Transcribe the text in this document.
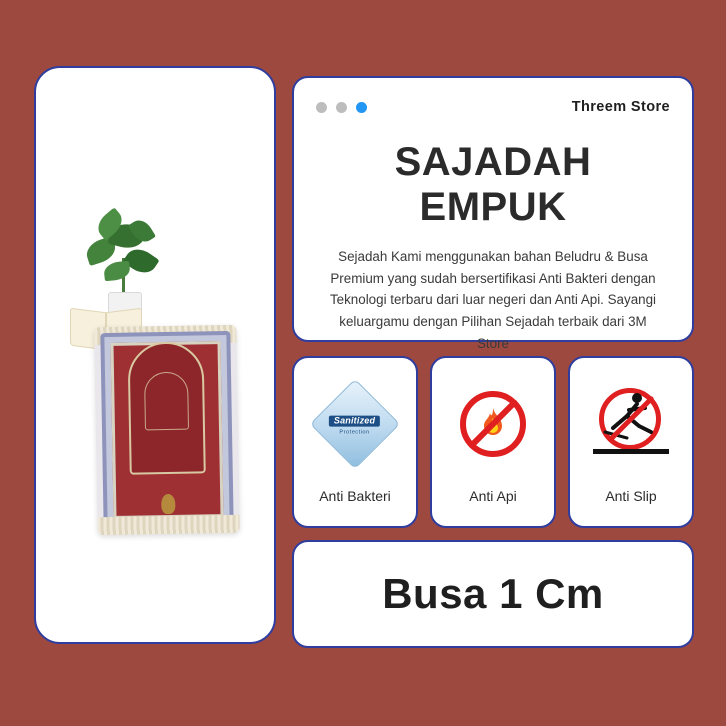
Threem Store
SAJADAH EMPUK
Sejadah Kami menggunakan bahan Beludru & Busa Premium yang sudah bersertifikasi Anti Bakteri dengan Teknologi terbaru dari luar negeri dan Anti Api. Sayangi keluargamu dengan Pilihan Sejadah terbaik dari 3M Store
Sanitized
Protection
Anti Bakteri	Anti Api	Anti Slip
Busa 1 Cm
